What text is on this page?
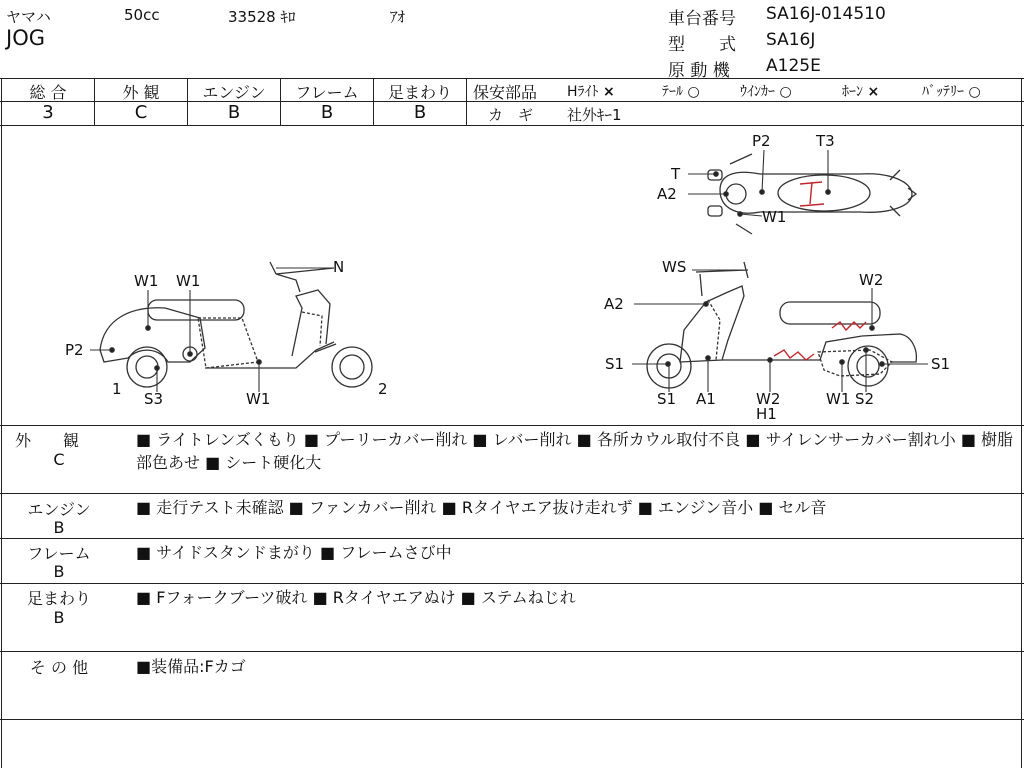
ヤマハ	50cc	33528 ｷﾛ	ｱｵ
JOG
車台番号 SA16J-014510
型　　式 SA16J
原 動 機 A125E
総 合	外 観	エンジン	フレーム	足まわり
3	C	B	B	B
保安部品 Hﾗｲﾄ ×	ﾃｰﾙ ○	ｳｲﾝｶｰ ○	ﾎｰﾝ ×	ﾊﾞｯﾃﾘｰ ○
カ　ギ 社外ｷｰ1
W1 W1
N
P2
1
S3	W1
2
P2	T3
T
A2
W1
WS
W2
A2
S1
S1 A1	W2
H1
W1 S2
S1
外　　観
C
■ ライトレンズくもり ■ プーリーカバー削れ ■ レバー削れ ■ 各所カウル取付不良 ■ サイレンサーカバー割れ小 ■ 樹脂部色あせ ■ シート硬化大
エンジン
B
■ 走行テスト未確認 ■ ファンカバー削れ ■ Rタイヤエア抜け走れず ■ エンジン音小 ■ セル音
フレーム
B
■ サイドスタンドまがり ■ フレームさび中
足まわり
B
■ Fフォークブーツ破れ ■ Rタイヤエアぬけ ■ ステムねじれ
そ の 他	■装備品:Fカゴ
